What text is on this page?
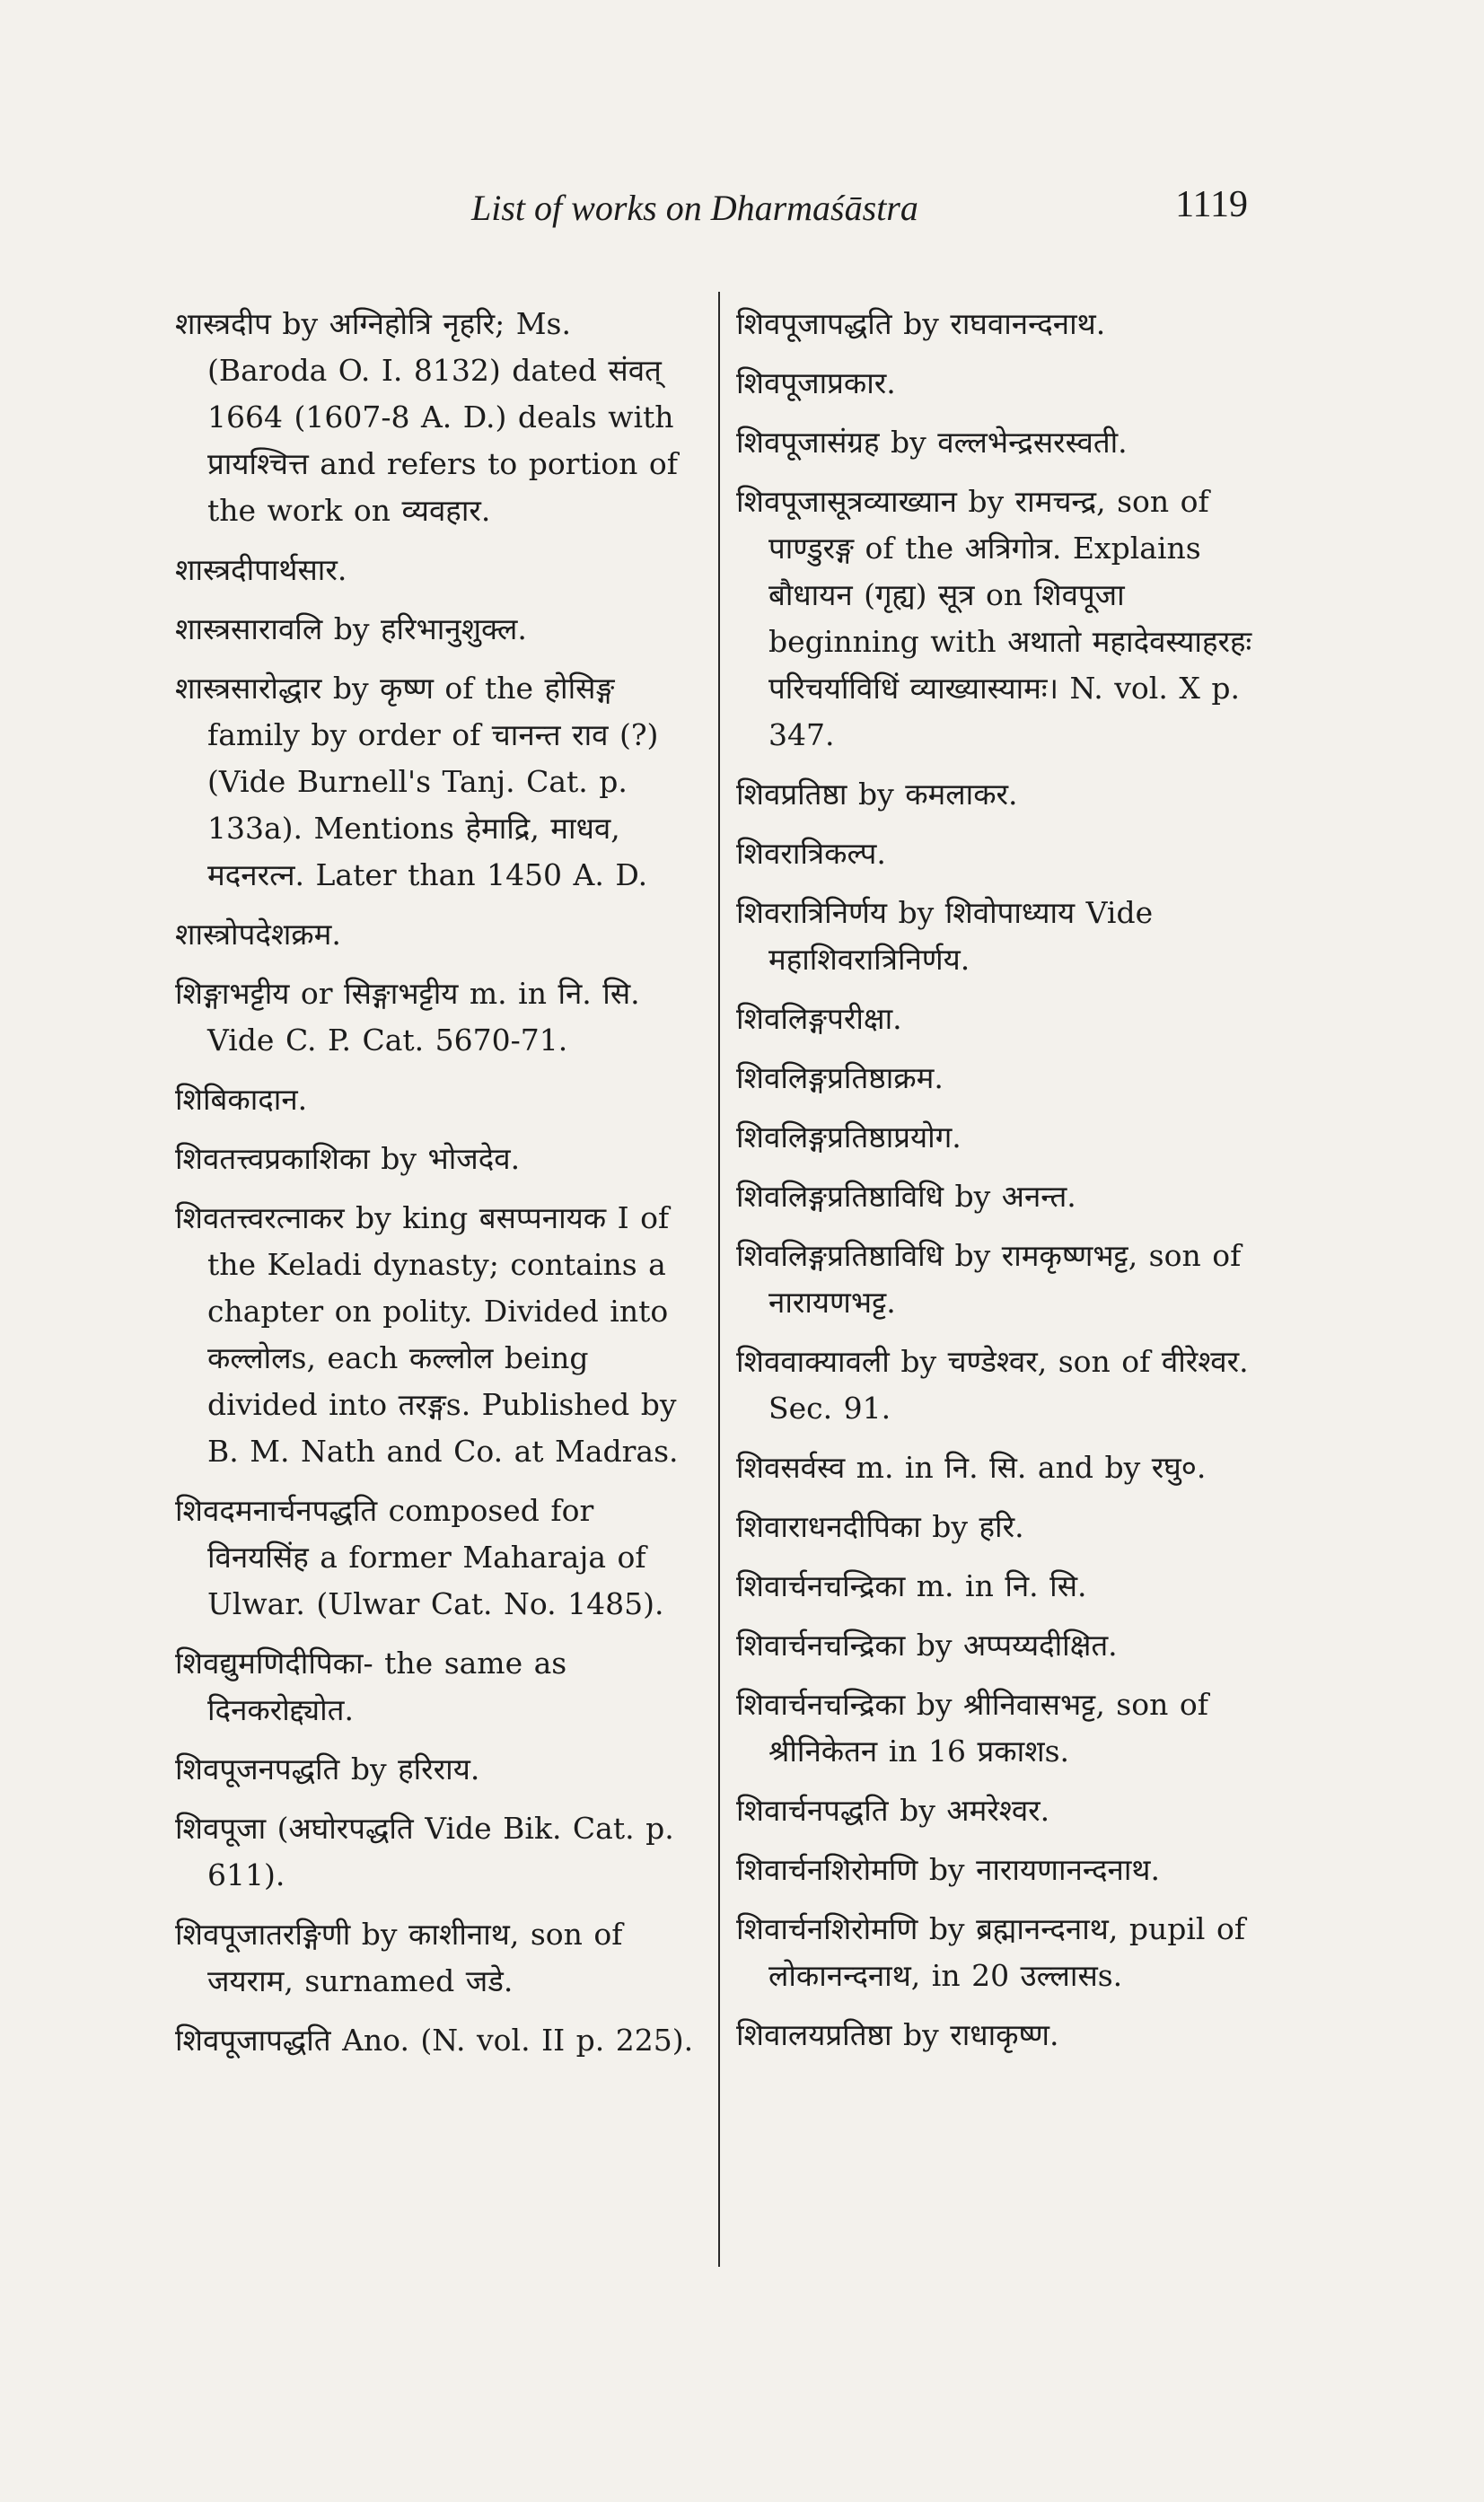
List of works on Dharmaśāstra	1119

शास्त्रदीप by अग्निहोत्रि नृहरि; Ms. (Baroda O. I. 8132) dated संवत् 1664 (1607-8 A. D.) deals with प्रायश्चित्त and refers to portion of the work on व्यवहार.

शास्त्रदीपार्थसार.

शास्त्रसारावलि by हरिभानुशुक्ल.

शास्त्रसारोद्धार by कृष्ण of the होसिङ्ग family by order of चानन्त राव (?) (Vide Burnell's Tanj. Cat. p. 133a). Mentions हेमाद्रि, माधव, मदनरत्न. Later than 1450 A. D.

शास्त्रोपदेशक्रम.

शिङ्गाभट्टीय or सिङ्गाभट्टीय m. in नि. सि. Vide C. P. Cat. 5670-71.

शिबिकादान.

शिवतत्त्वप्रकाशिका by भोजदेव.

शिवतत्त्वरत्नाकर by king बसप्पनायक I of the Keladi dynasty; contains a chapter on polity. Divided into कल्लोलs, each कल्लोल being divided into तरङ्गs. Published by B. M. Nath and Co. at Madras.

शिवदमनार्चनपद्धति composed for विनयसिंह a former Maharaja of Ulwar. (Ulwar Cat. No. 1485).

शिवद्युमणिदीपिका- the same as दिनकरोद्द्योत.

शिवपूजनपद्धति by हरिराय.

शिवपूजा (अघोरपद्धति Vide Bik. Cat. p. 611).

शिवपूजातरङ्गिणी by काशीनाथ, son of जयराम, surnamed जडे.

शिवपूजापद्धति Ano. (N. vol. II p. 225).

शिवपूजापद्धति by राघवानन्दनाथ.

शिवपूजाप्रकार.

शिवपूजासंग्रह by वल्लभेन्द्रसरस्वती.

शिवपूजासूत्रव्याख्यान by रामचन्द्र, son of पाण्डुरङ्ग of the अत्रिगोत्र. Explains बौधायन (गृह्य) सूत्र on शिवपूजा beginning with अथातो महादेवस्याहरहः परिचर्याविधिं व्याख्यास्यामः। N. vol. X p. 347.

शिवप्रतिष्ठा by कमलाकर.

शिवरात्रिकल्प.

शिवरात्रिनिर्णय by शिवोपाध्याय Vide महाशिवरात्रिनिर्णय.

शिवलिङ्गपरीक्षा.

शिवलिङ्गप्रतिष्ठाक्रम.

शिवलिङ्गप्रतिष्ठाप्रयोग.

शिवलिङ्गप्रतिष्ठाविधि by अनन्त.

शिवलिङ्गप्रतिष्ठाविधि by रामकृष्णभट्ट, son of नारायणभट्ट.

शिववाक्यावली by चण्डेश्वर, son of वीरेश्वर. Sec. 91.

शिवसर्वस्व m. in नि. सि. and by रघु०.

शिवाराधनदीपिका by हरि.

शिवार्चनचन्द्रिका m. in नि. सि.

शिवार्चनचन्द्रिका by अप्पय्यदीक्षित.

शिवार्चनचन्द्रिका by श्रीनिवासभट्ट, son of श्रीनिकेतन in 16 प्रकाशs.

शिवार्चनपद्धति by अमरेश्वर.

शिवार्चनशिरोमणि by नारायणानन्दनाथ.

शिवार्चनशिरोमणि by ब्रह्मानन्दनाथ, pupil of लोकानन्दनाथ, in 20 उल्लासs.

शिवालयप्रतिष्ठा by राधाकृष्ण.
